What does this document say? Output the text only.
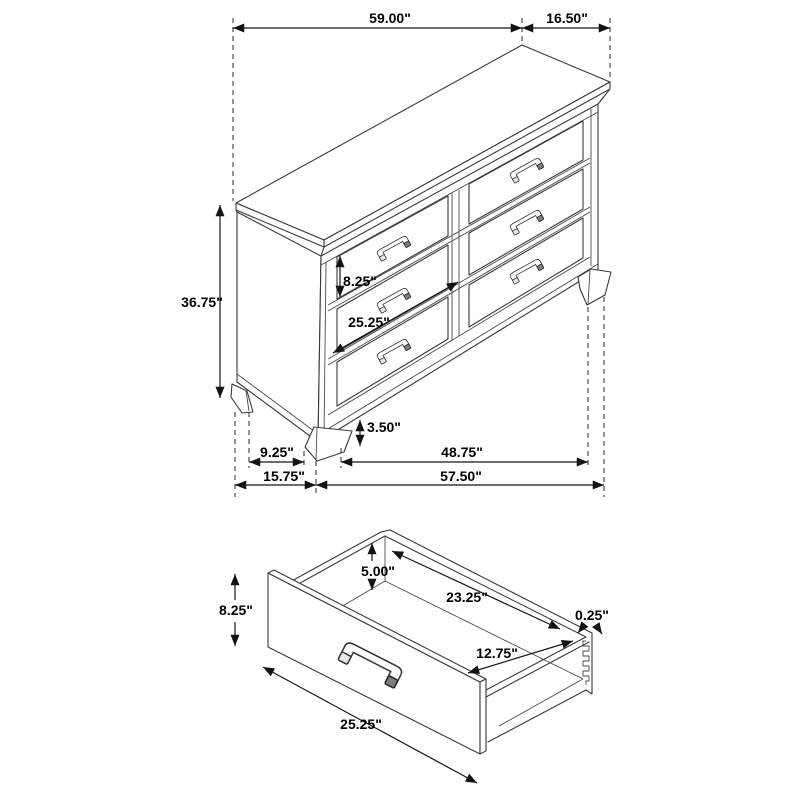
59.00"	16.50"
36.75"
8.25"
25.25"
3.50"
9.25"	48.75"
15.75"	57.50"
8.25"
5.00"
23.25"
0.25"
12.75"
25.25"
